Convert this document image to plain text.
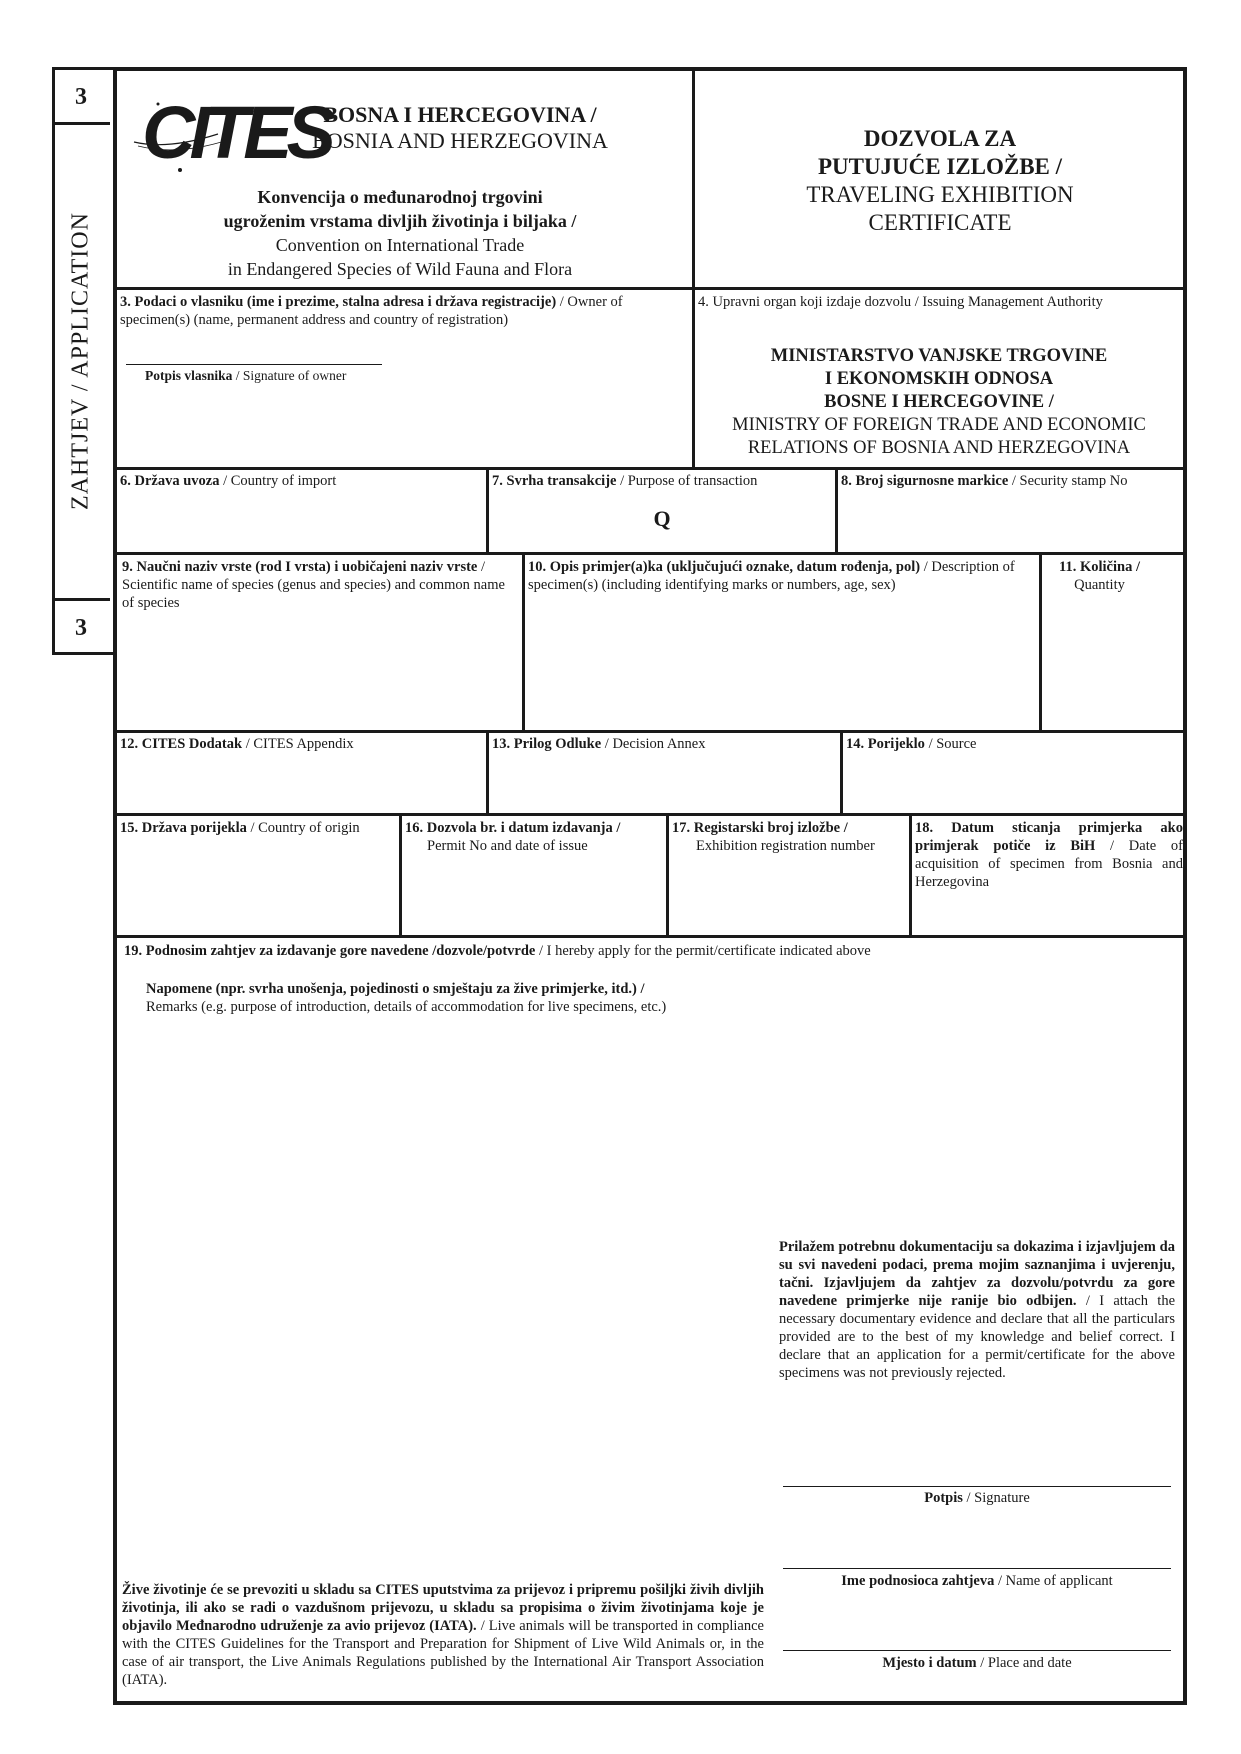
3
ZAHTJEV / APPLICATION
3
CITES
BOSNA I HERCEGOVINA /
BOSNIA AND HERZEGOVINA
Konvencija o međunarodnoj trgovini
ugroženim vrstama divljih životinja i biljaka /
Convention on International Trade
in Endangered Species of Wild Fauna and Flora
DOZVOLA ZA
PUTUJUĆE IZLOŽBE /
TRAVELING EXHIBITION
CERTIFICATE
3. Podaci o vlasniku (ime i prezime, stalna adresa i država registracije) / Owner of specimen(s) (name, permanent address and country of registration)
Potpis vlasnika / Signature of owner
4. Upravni organ koji izdaje dozvolu / Issuing Management Authority
MINISTARSTVO VANJSKE TRGOVINE
I EKONOMSKIH ODNOSA
BOSNE I HERCEGOVINE /
MINISTRY OF FOREIGN TRADE AND ECONOMIC
RELATIONS OF BOSNIA AND HERZEGOVINA
6. Država uvoza / Country of import	7. Svrha transakcije / Purpose of transaction
Q
8. Broj sigurnosne markice / Security stamp No
9. Naučni naziv vrste (rod I vrsta) i uobičajeni naziv vrste / Scientific name of species (genus and species) and common name of species
10. Opis primjer(a)ka (uključujući oznake, datum rođenja, pol) / Description of specimen(s) (including identifying marks or numbers, age, sex)
11. Količina /
Quantity
12. CITES Dodatak / CITES Appendix	13. Prilog Odluke / Decision Annex	14. Porijeklo / Source
15. Država porijekla / Country of origin	16. Dozvola br. i datum izdavanja /
Permit No and date of issue
17. Registarski broj izložbe /
Exhibition registration number
18. Datum sticanja primjerka ako primjerak potiče iz BiH / Date of acquisition of specimen from Bosnia and Herzegovina
19. Podnosim zahtjev za izdavanje gore navedene /dozvole/potvrde / I hereby apply for the permit/certificate indicated above
Napomene (npr. svrha unošenja, pojedinosti o smještaju za žive primjerke, itd.) /
Remarks (e.g. purpose of introduction, details of accommodation for live specimens, etc.)
Prilažem potrebnu dokumentaciju sa dokazima i izjavljujem da su svi navedeni podaci, prema mojim saznanjima i uvjerenju, tačni. Izjavljujem da zahtjev za dozvolu/potvrdu za gore navedene primjerke nije ranije bio odbijen. / I attach the necessary documentary evidence and declare that all the particulars provided are to the best of my knowledge and belief correct. I declare that an application for a permit/certificate for the above specimens was not previously rejected.
Potpis / Signature
Ime podnosioca zahtjeva / Name of applicant
Mjesto i datum / Place and date
Žive životinje će se prevoziti u skladu sa CITES uputstvima za prijevoz i pripremu pošiljki živih divljih životinja, ili ako se radi o vazdušnom prijevozu, u skladu sa propisima o živim životinjama koje je objavilo Međnarodno udruženje za avio prijevoz (IATA). / Live animals will be transported in compliance with the CITES Guidelines for the Transport and Preparation for Shipment of Live Wild Animals or, in the case of air transport, the Live Animals Regulations published by the International Air Transport Association (IATA).
